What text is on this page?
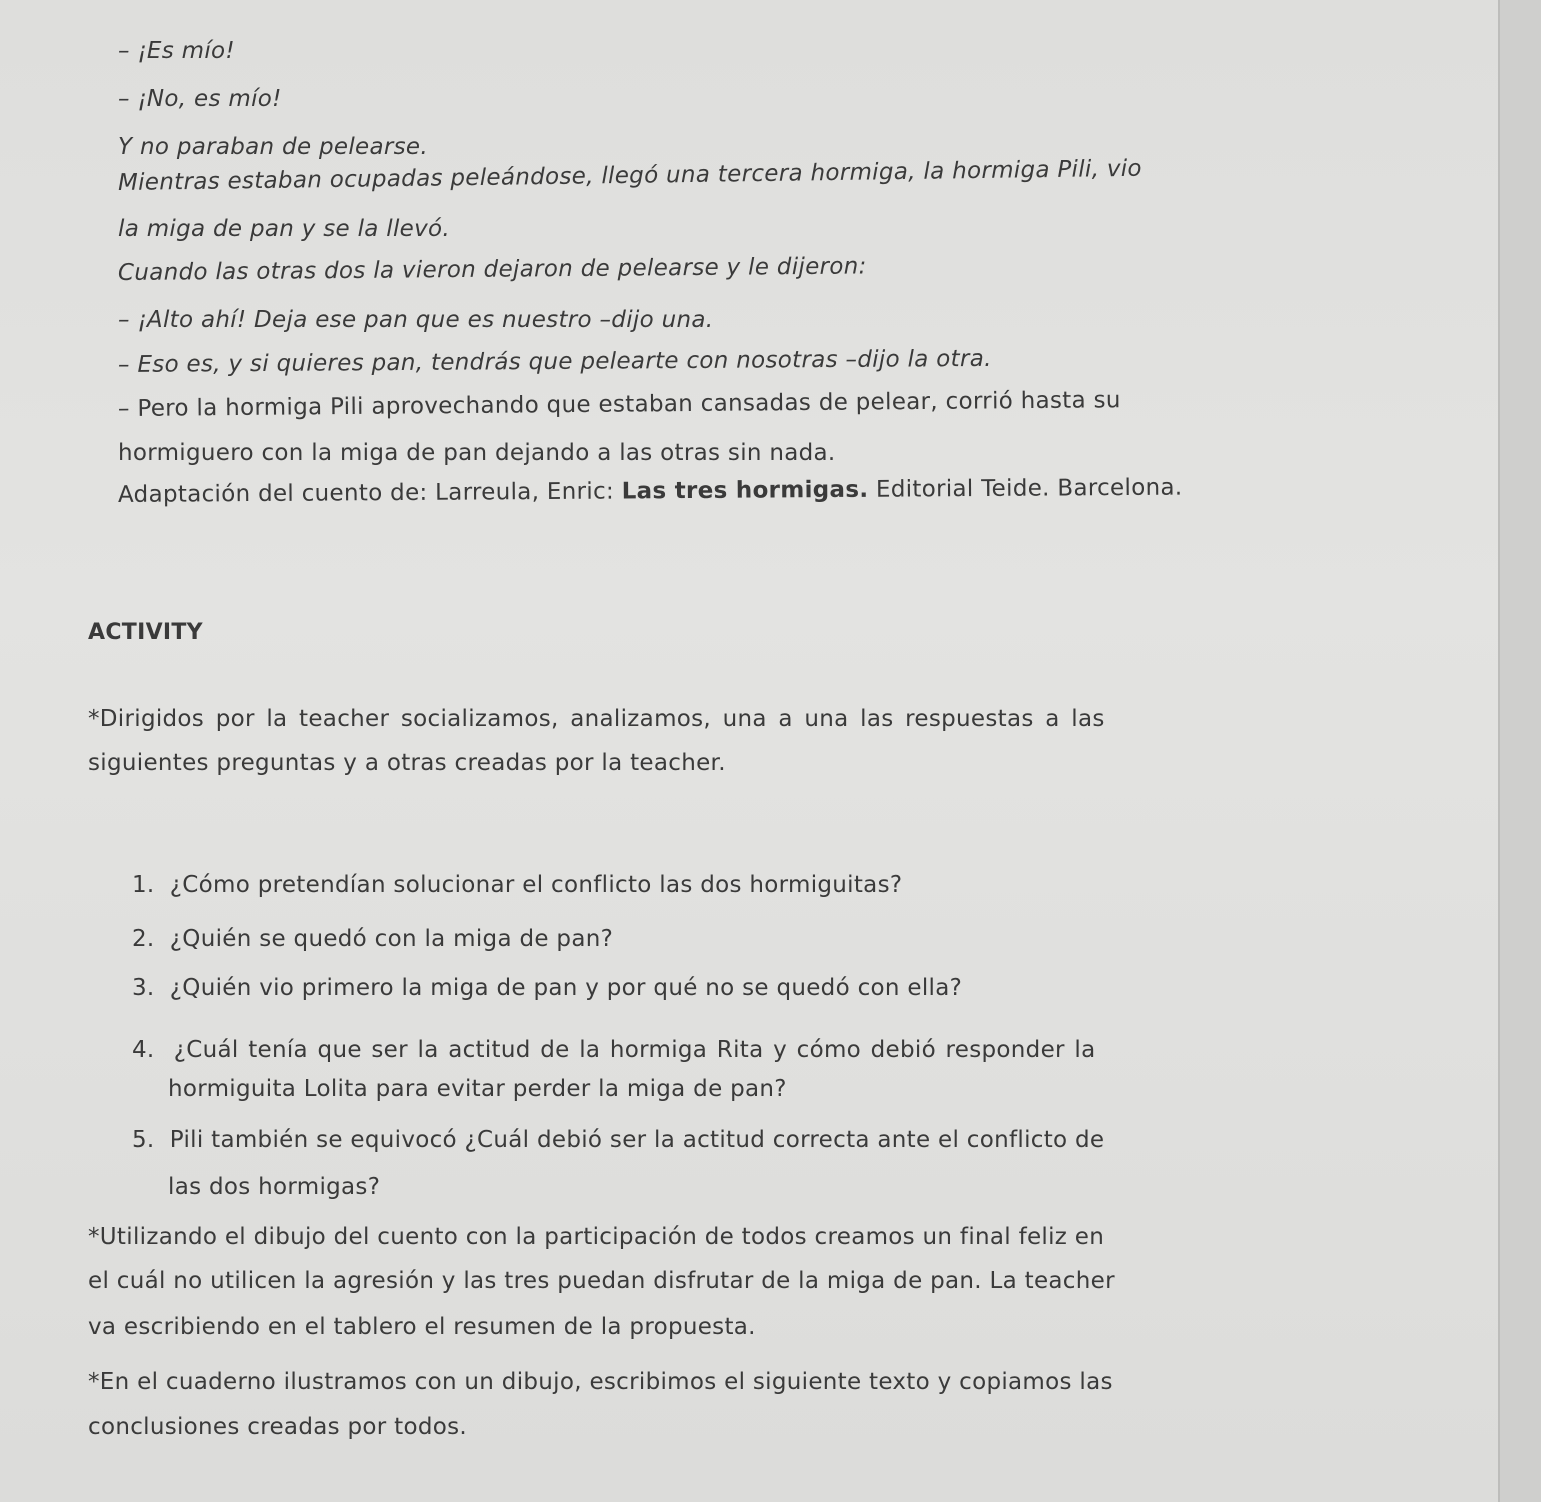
– ¡Es mío!
– ¡No, es mío!
Y no paraban de pelearse.
Mientras estaban ocupadas peleándose, llegó una tercera hormiga, la hormiga Pili, vio
la miga de pan y se la llevó.
Cuando las otras dos la vieron dejaron de pelearse y le dijeron:
– ¡Alto ahí! Deja ese pan que es nuestro –dijo una.
– Eso es, y si quieres pan, tendrás que pelearte con nosotras –dijo la otra.
– Pero la hormiga Pili aprovechando que estaban cansadas de pelear, corrió hasta su
hormiguero con la miga de pan dejando a las otras sin nada.
Adaptación del cuento de: Larreula, Enric: Las tres hormigas. Editorial Teide. Barcelona.
ACTIVITY
*Dirigidos por la teacher socializamos, analizamos, una a una las respuestas a las
siguientes preguntas y a otras creadas por la teacher.
1. ¿Cómo pretendían solucionar el conflicto las dos hormiguitas?
2. ¿Quién se quedó con la miga de pan?
3. ¿Quién vio primero la miga de pan y por qué no se quedó con ella?
4. ¿Cuál tenía que ser la actitud de la hormiga Rita y cómo debió responder la
hormiguita Lolita para evitar perder la miga de pan?
5. Pili también se equivocó ¿Cuál debió ser la actitud correcta ante el conflicto de
las dos hormigas?
*Utilizando el dibujo del cuento con la participación de todos creamos un final feliz en
el cuál no utilicen la agresión y las tres puedan disfrutar de la miga de pan. La teacher
va escribiendo en el tablero el resumen de la propuesta.
*En el cuaderno ilustramos con un dibujo, escribimos el siguiente texto y copiamos las
conclusiones creadas por todos.
